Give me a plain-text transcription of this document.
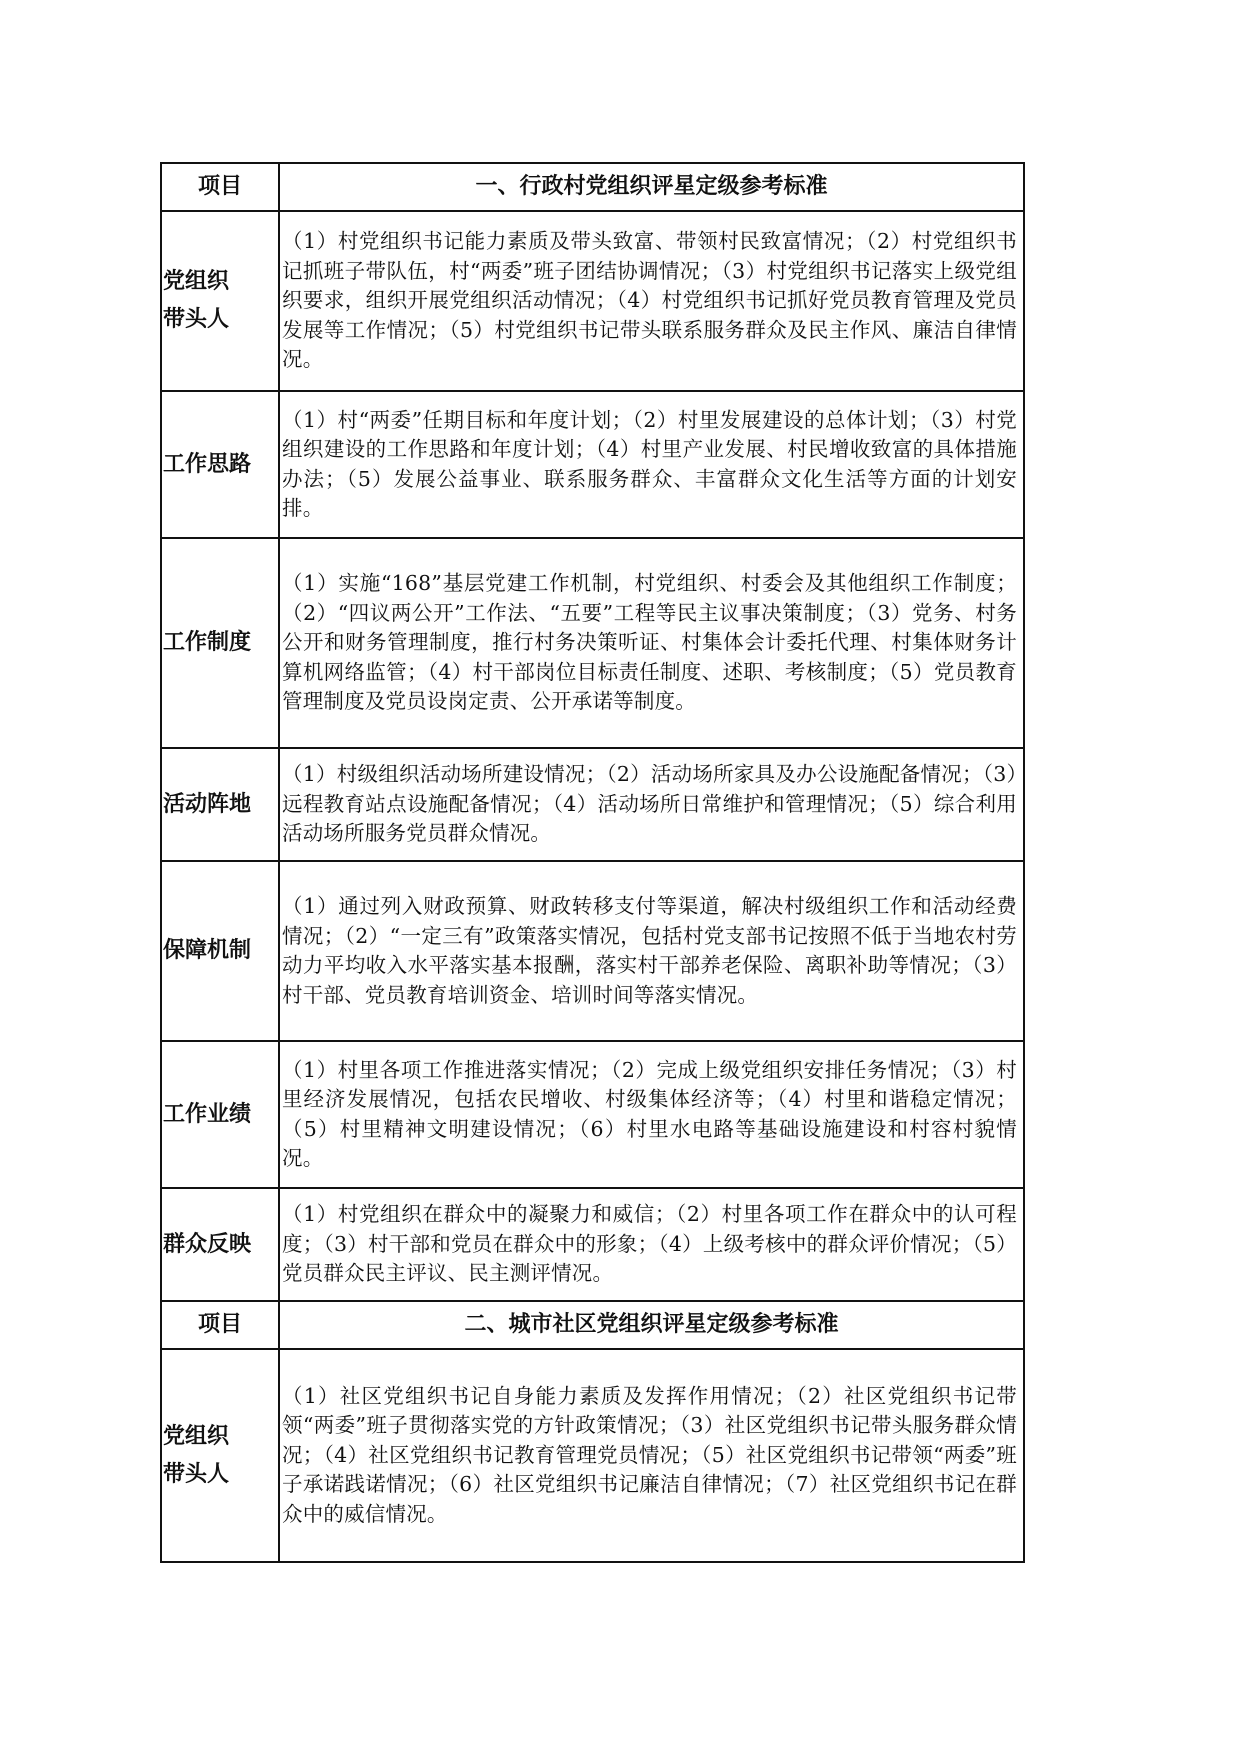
项目	一、行政村党组织评星定级参考标准

党组织
带头人	（1）村党组织书记能力素质及带头致富、带领村民致富情况；（2）村党组织书记抓班子带队伍，村“两委”班子团结协调情况；（3）村党组织书记落实上级党组织要求，组织开展党组织活动情况；（4）村党组织书记抓好党员教育管理及党员发展等工作情况；（5）村党组织书记带头联系服务群众及民主作风、廉洁自律情况。

工作思路	（1）村“两委”任期目标和年度计划；（2）村里发展建设的总体计划；（3）村党组织建设的工作思路和年度计划；（4）村里产业发展、村民增收致富的具体措施办法；（5）发展公益事业、联系服务群众、丰富群众文化生活等方面的计划安排。

工作制度	（1）实施“168”基层党建工作机制，村党组织、村委会及其他组织工作制度；（2）“四议两公开”工作法、“五要”工程等民主议事决策制度；（3）党务、村务公开和财务管理制度，推行村务决策听证、村集体会计委托代理、村集体财务计算机网络监管；（4）村干部岗位目标责任制度、述职、考核制度；（5）党员教育管理制度及党员设岗定责、公开承诺等制度。

活动阵地	（1）村级组织活动场所建设情况；（2）活动场所家具及办公设施配备情况；（3）远程教育站点设施配备情况；（4）活动场所日常维护和管理情况；（5）综合利用活动场所服务党员群众情况。

保障机制	（1）通过列入财政预算、财政转移支付等渠道，解决村级组织工作和活动经费情况；（2）“一定三有”政策落实情况，包括村党支部书记按照不低于当地农村劳动力平均收入水平落实基本报酬，落实村干部养老保险、离职补助等情况；（3）村干部、党员教育培训资金、培训时间等落实情况。

工作业绩	（1）村里各项工作推进落实情况；（2）完成上级党组织安排任务情况；（3）村里经济发展情况，包括农民增收、村级集体经济等；（4）村里和谐稳定情况；（5）村里精神文明建设情况；（6）村里水电路等基础设施建设和村容村貌情况。

群众反映	（1）村党组织在群众中的凝聚力和威信；（2）村里各项工作在群众中的认可程度；（3）村干部和党员在群众中的形象；（4）上级考核中的群众评价情况；（5）党员群众民主评议、民主测评情况。
项目	二、城市社区党组织评星定级参考标准

党组织
带头人	（1）社区党组织书记自身能力素质及发挥作用情况；（2）社区党组织书记带领“两委”班子贯彻落实党的方针政策情况；（3）社区党组织书记带头服务群众情况；（4）社区党组织书记教育管理党员情况；（5）社区党组织书记带领“两委”班子承诺践诺情况；（6）社区党组织书记廉洁自律情况；（7）社区党组织书记在群众中的威信情况。
